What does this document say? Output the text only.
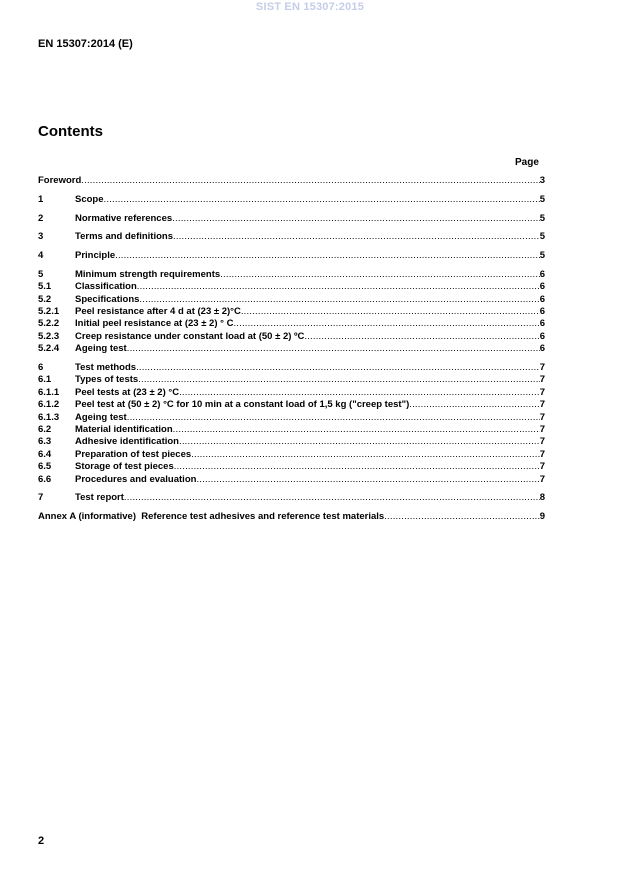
SIST EN 15307:2015
EN 15307:2014 (E)
Contents
Page
Foreword .....	3
1	Scope .....	5
2	Normative references .....	5
3	Terms and definitions .....	5
4	Principle .....	5
5	Minimum strength requirements .....	6
5.1	Classification .....	6
5.2	Specifications .....	6
5.2.1	Peel resistance after 4 d at (23 ± 2)°C .....	6
5.2.2	Initial peel resistance at (23 ± 2) ° C .....	6
5.2.3	Creep resistance under constant load at (50 ± 2) ºC .....	6
5.2.4	Ageing test .....	6
6	Test methods .....	7
6.1	Types of tests .....	7
6.1.1	Peel tests at (23 ± 2) °C .....	7
6.1.2	Peel test at (50 ± 2) °C for 10 min at a constant load of 1,5 kg ("creep test") .....	7
6.1.3	Ageing test .....	7
6.2	Material identification .....	7
6.3	Adhesive identification .....	7
6.4	Preparation of test pieces .....	7
6.5	Storage of test pieces .....	7
6.6	Procedures and evaluation .....	7
7	Test report .....	8
Annex A (informative)  Reference test adhesives and reference test materials .....	9
2
